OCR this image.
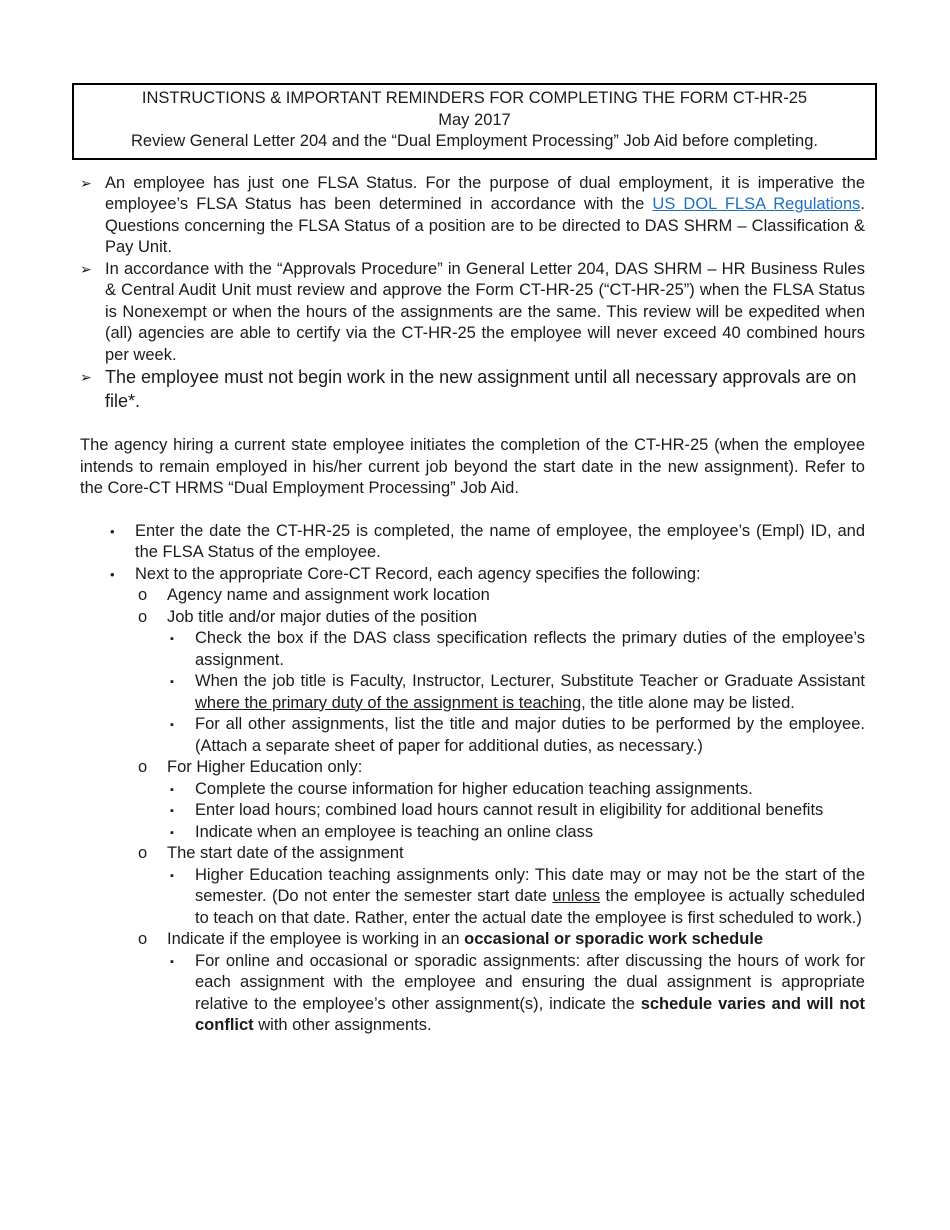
INSTRUCTIONS & IMPORTANT REMINDERS FOR COMPLETING THE FORM CT-HR-25
May 2017
Review General Letter 204 and the “Dual Employment Processing” Job Aid before completing.
➢ An employee has just one FLSA Status. For the purpose of dual employment, it is imperative the employee’s FLSA Status has been determined in accordance with the US DOL FLSA Regulations. Questions concerning the FLSA Status of a position are to be directed to DAS SHRM – Classification & Pay Unit.
➢ In accordance with the “Approvals Procedure” in General Letter 204, DAS SHRM – HR Business Rules & Central Audit Unit must review and approve the Form CT-HR-25 (“CT-HR-25”) when the FLSA Status is Nonexempt or when the hours of the assignments are the same. This review will be expedited when (all) agencies are able to certify via the CT-HR-25 the employee will never exceed 40 combined hours per week.
➢ The employee must not begin work in the new assignment until all necessary approvals are on file*.
The agency hiring a current state employee initiates the completion of the CT-HR-25 (when the employee intends to remain employed in his/her current job beyond the start date in the new assignment). Refer to the Core-CT HRMS “Dual Employment Processing” Job Aid.
• Enter the date the CT-HR-25 is completed, the name of employee, the employee’s (Empl) ID, and the FLSA Status of the employee.
• Next to the appropriate Core-CT Record, each agency specifies the following:
o Agency name and assignment work location
o Job title and/or major duties of the position
▪ Check the box if the DAS class specification reflects the primary duties of the employee’s assignment.
▪ When the job title is Faculty, Instructor, Lecturer, Substitute Teacher or Graduate Assistant where the primary duty of the assignment is teaching, the title alone may be listed.
▪ For all other assignments, list the title and major duties to be performed by the employee. (Attach a separate sheet of paper for additional duties, as necessary.)
o For Higher Education only:
▪ Complete the course information for higher education teaching assignments.
▪ Enter load hours; combined load hours cannot result in eligibility for additional benefits
▪ Indicate when an employee is teaching an online class
o The start date of the assignment
▪ Higher Education teaching assignments only: This date may or may not be the start of the semester. (Do not enter the semester start date unless the employee is actually scheduled to teach on that date. Rather, enter the actual date the employee is first scheduled to work.)
o Indicate if the employee is working in an occasional or sporadic work schedule
▪ For online and occasional or sporadic assignments: after discussing the hours of work for each assignment with the employee and ensuring the dual assignment is appropriate relative to the employee’s other assignment(s), indicate the schedule varies and will not conflict with other assignments.
